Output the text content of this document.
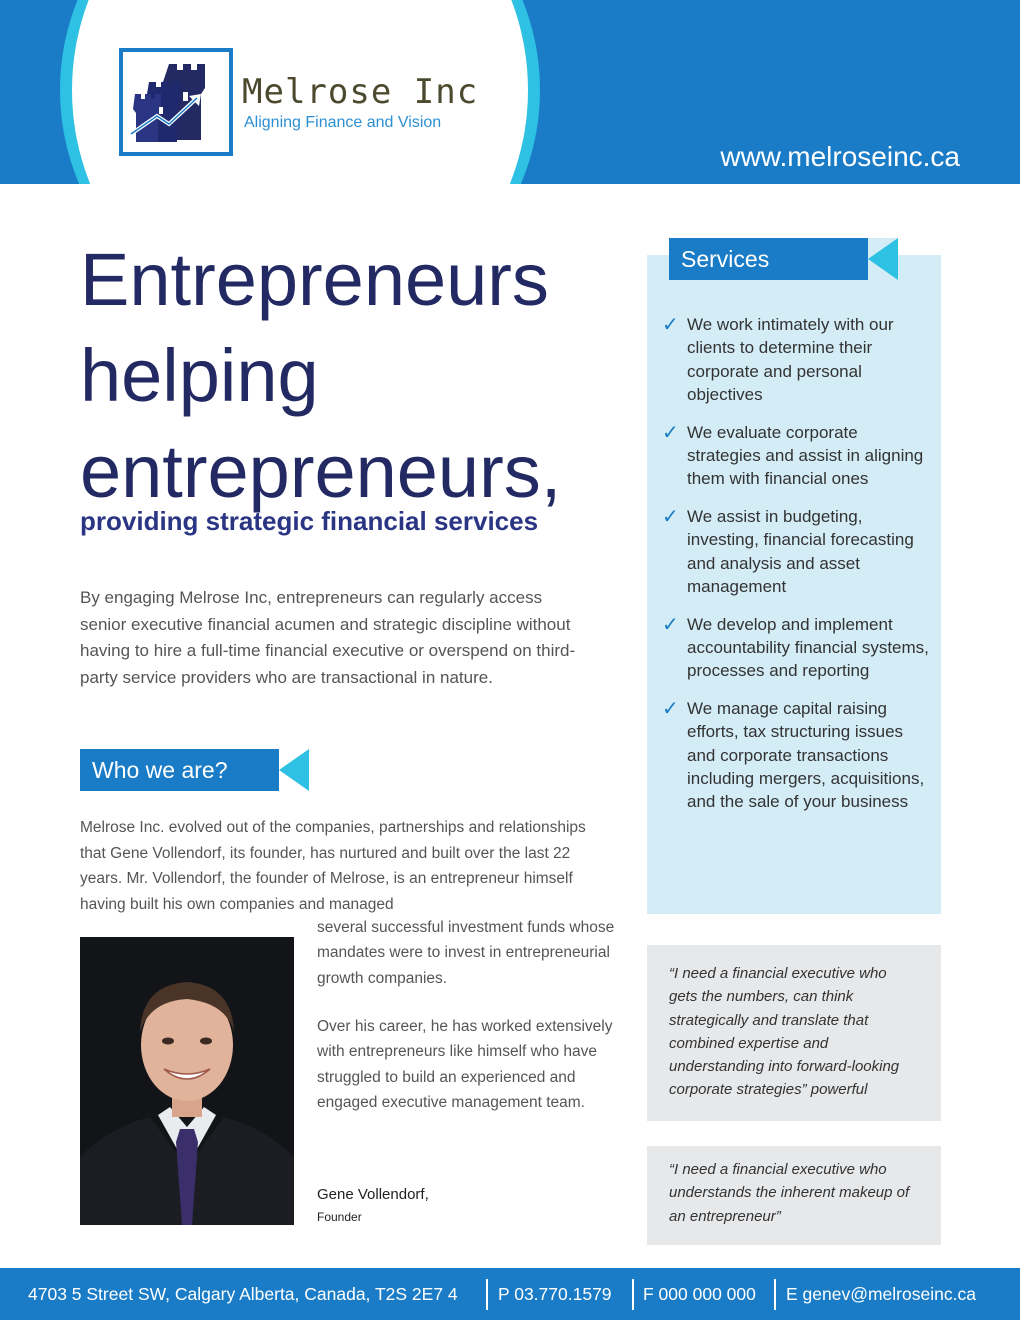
Melrose Inc
Aligning Finance and Vision
www.melroseinc.ca
Entrepreneurs
helping
entrepreneurs,
providing strategic financial services

By engaging Melrose Inc, entrepreneurs can regularly access senior executive financial acumen and strategic discipline without having to hire a full-time financial executive or overspend on third-party service providers who are transactional in nature.

Who we are?

Melrose Inc. evolved out of the companies, partnerships and relationships that Gene Vollendorf, its founder, has nurtured and built over the last 22 years. Mr. Vollendorf, the founder of Melrose, is an entrepreneur himself having built his own companies and managed

several successful investment funds whose mandates were to invest in entrepreneurial growth companies.

Over his career, he has worked extensively with entrepreneurs like himself who have struggled to build an experienced and engaged executive management team.

Gene Vollendorf,
Founder
Services
✓ We work intimately with our clients to determine their corporate and personal objectives
✓ We evaluate corporate strategies and assist in aligning them with financial ones
✓ We assist in budgeting, investing, financial forecasting and analysis and asset management
✓ We develop and implement accountability financial systems, processes and reporting
✓ We manage capital raising efforts, tax structuring issues and corporate transactions including mergers, acquisitions, and the sale of your business
“I need a financial executive who gets the numbers, can think strategically and translate that combined expertise and understanding into forward-looking corporate strategies” powerful
“I need a financial executive who understands the inherent makeup of an entrepreneur”
4703 5 Street SW, Calgary Alberta, Canada, T2S 2E7 4 P 03.770.1579 F 000 000 000 E genev@melroseinc.ca
